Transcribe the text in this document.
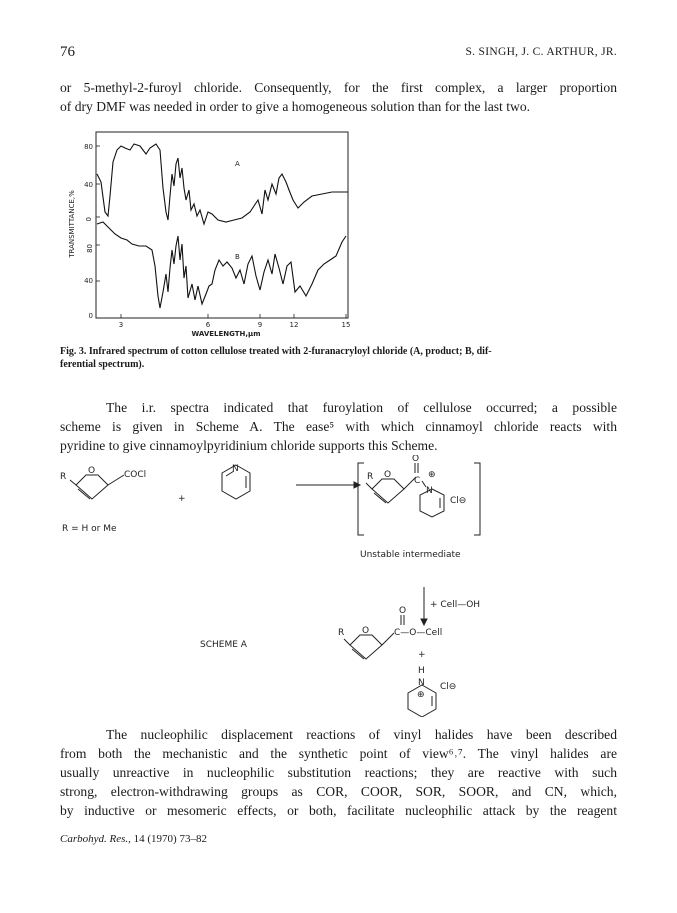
76	S. SINGH, J. C. ARTHUR, JR.
or 5-methyl-2-furoyl chloride. Consequently, for the first complex, a larger proportion
of dry DMF was needed in order to give a homogeneous solution than for the last two.
TRANSMITTANCE,%
80
40
0
80
40
0
3	6	9	12	15
WAVELENGTH,µm
A
B
Fig. 3. Infrared spectrum of cotton cellulose treated with 2-furanacryloyl chloride (A, product; B, dif-
ferential spectrum).
The i.r. spectra indicated that furoylation of cellulose occurred; a possible
scheme is given in Scheme A. The ease⁵ with which cinnamoyl chloride reacts with
pyridine to give cinnamoylpyridinium chloride supports this Scheme.
R
O	COCl
+
R = H or Me
N
R O
O
C
⊕
N
Cl⊖
Unstable intermediate
+ Cell—OH
O
R O	C—O—Cell
SCHEME A
+
H
N
⊕
Cl⊖
The nucleophilic displacement reactions of vinyl halides have been described
from both the mechanistic and the synthetic point of view⁶˒⁷. The vinyl halides are
usually unreactive in nucleophilic substitution reactions; they are reactive with such
strong, electron-withdrawing groups as COR, COOR, SOR, SOOR, and CN, which,
by inductive or mesomeric effects, or both, facilitate nucleophilic attack by the reagent
Carbohyd. Res., 14 (1970) 73–82
